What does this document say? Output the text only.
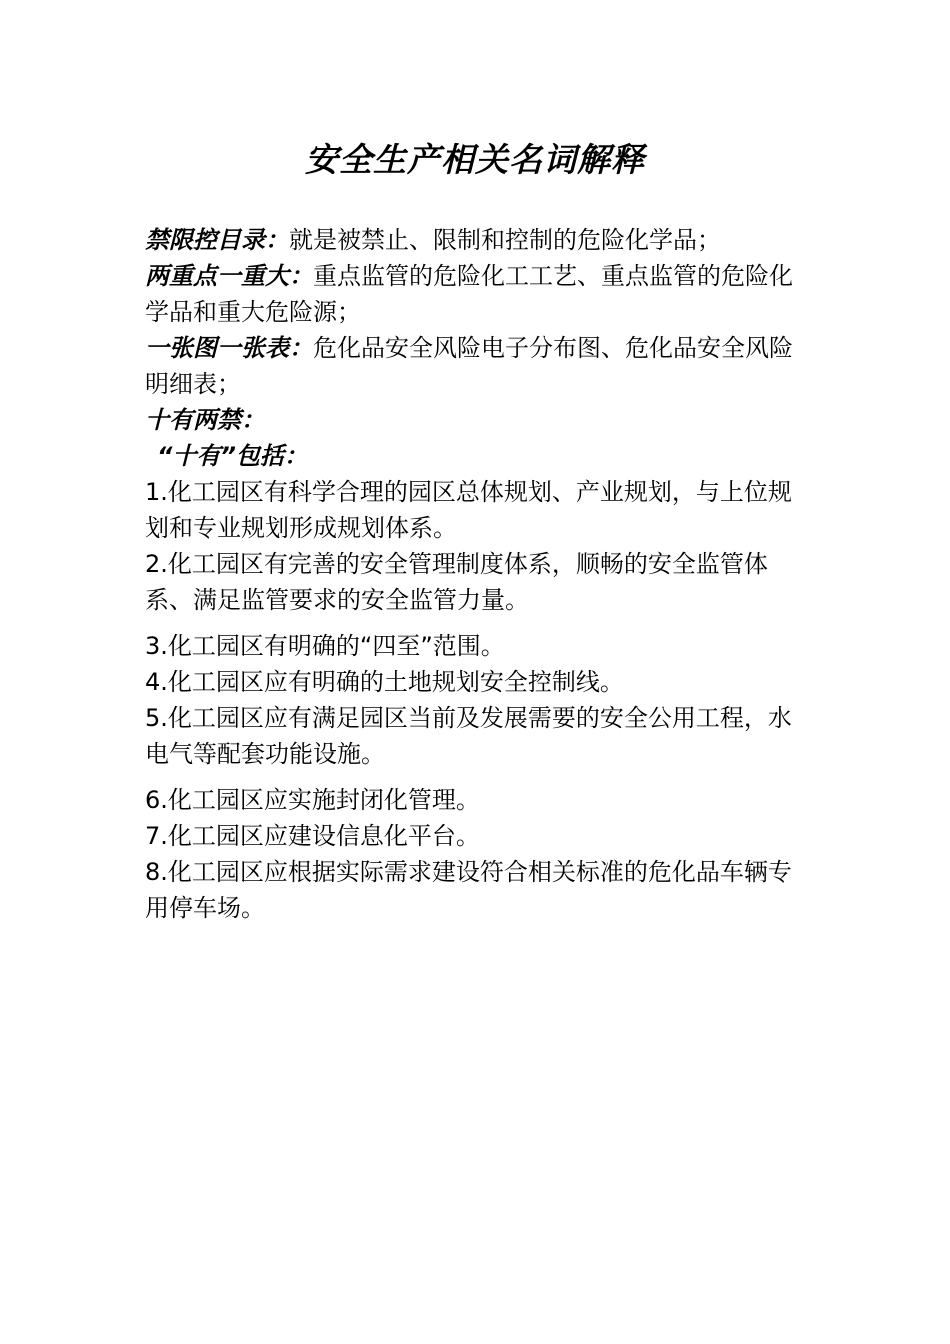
安全生产相关名词解释

禁限控目录：就是被禁止、限制和控制的危险化学品；

两重点一重大：重点监管的危险化工工艺、重点监管的危险化学品和重大危险源；

一张图一张表：危化品安全风险电子分布图、危化品安全风险明细表；

十有两禁：

“十有”包括：

1.化工园区有科学合理的园区总体规划、产业规划，与上位规划和专业规划形成规划体系。

2.化工园区有完善的安全管理制度体系，顺畅的安全监管体系、满足监管要求的安全监管力量。

3.化工园区有明确的“四至”范围。

4.化工园区应有明确的土地规划安全控制线。

5.化工园区应有满足园区当前及发展需要的安全公用工程，水电气等配套功能设施。

6.化工园区应实施封闭化管理。

7.化工园区应建设信息化平台。

8.化工园区应根据实际需求建设符合相关标准的危化品车辆专用停车场。
